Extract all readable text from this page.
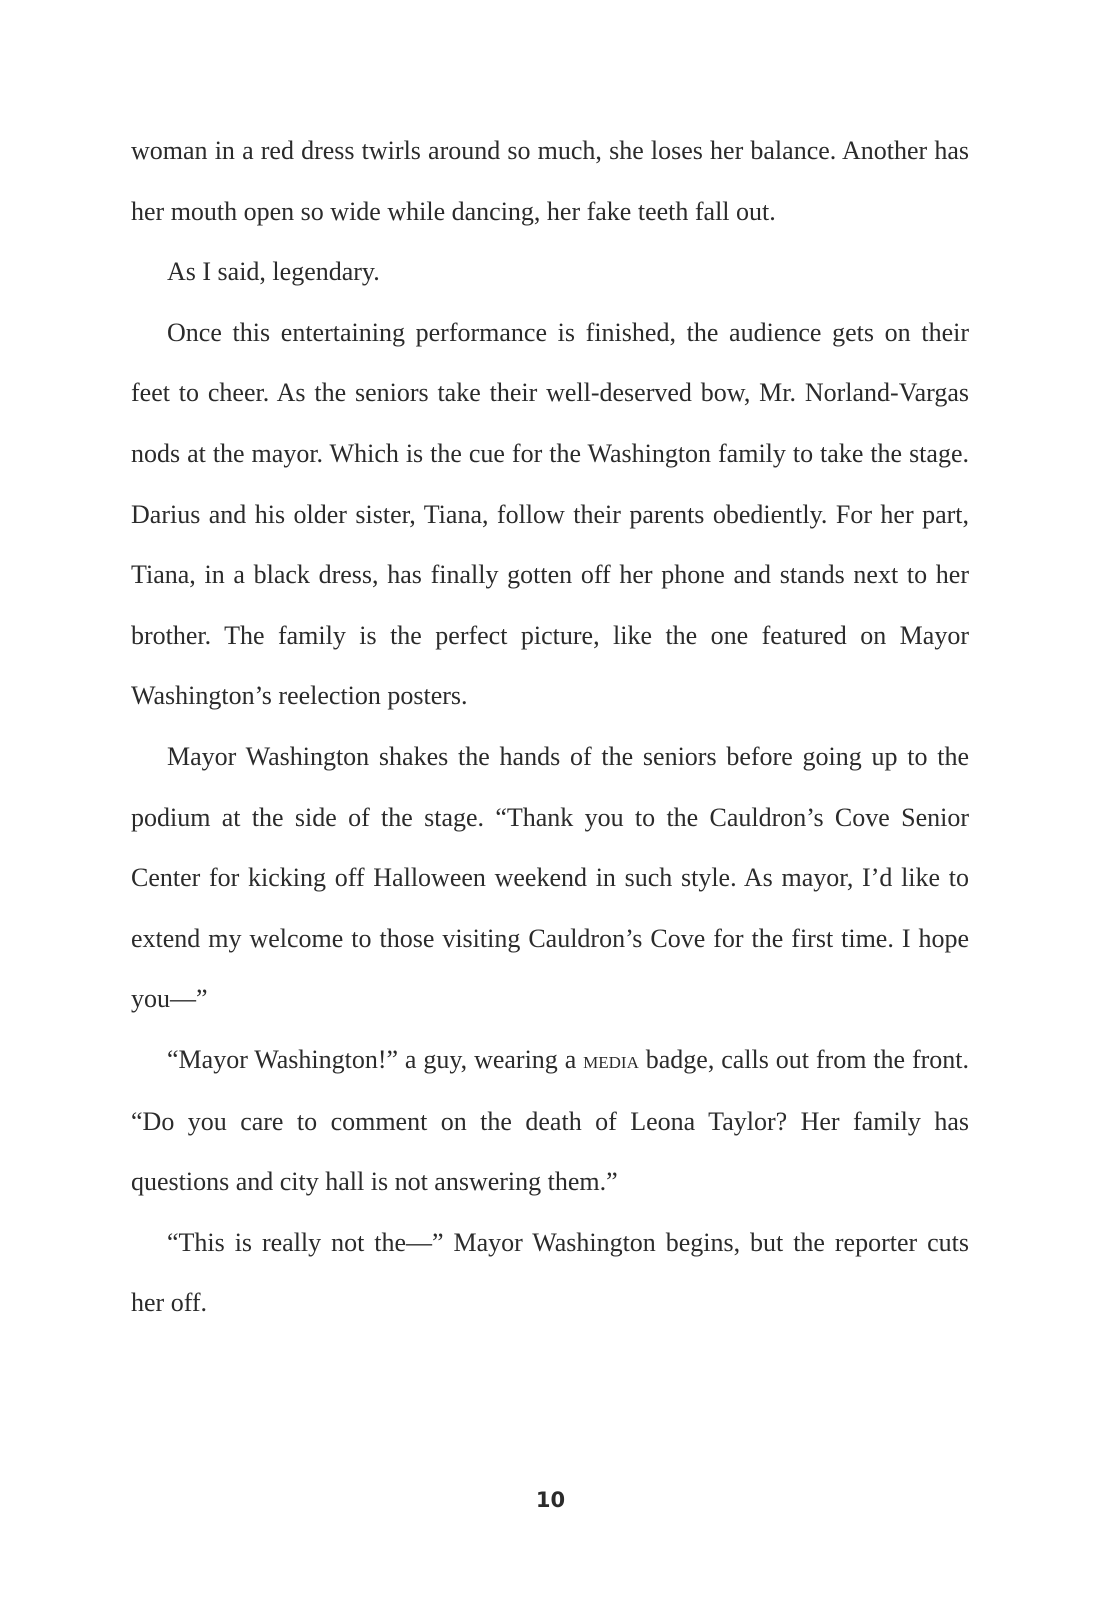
woman in a red dress twirls around so much, she loses her balance. Another has her mouth open so wide while dancing, her fake teeth fall out.

As I said, legendary.

Once this entertaining performance is finished, the audience gets on their feet to cheer. As the seniors take their well-deserved bow, Mr. Norland-Vargas nods at the mayor. Which is the cue for the Washington family to take the stage. Darius and his older sister, Tiana, follow their parents obediently. For her part, Tiana, in a black dress, has finally gotten off her phone and stands next to her brother. The family is the perfect picture, like the one featured on Mayor Washington’s reelection posters.

Mayor Washington shakes the hands of the seniors before going up to the podium at the side of the stage. “Thank you to the Cauldron’s Cove Senior Center for kicking off Halloween weekend in such style. As mayor, I’d like to extend my welcome to those visiting Cauldron’s Cove for the first time. I hope you—”

“Mayor Washington!” a guy, wearing a media badge, calls out from the front. “Do you care to comment on the death of Leona Taylor? Her family has questions and city hall is not answering them.”

“This is really not the—” Mayor Washington begins, but the reporter cuts her off.

10
